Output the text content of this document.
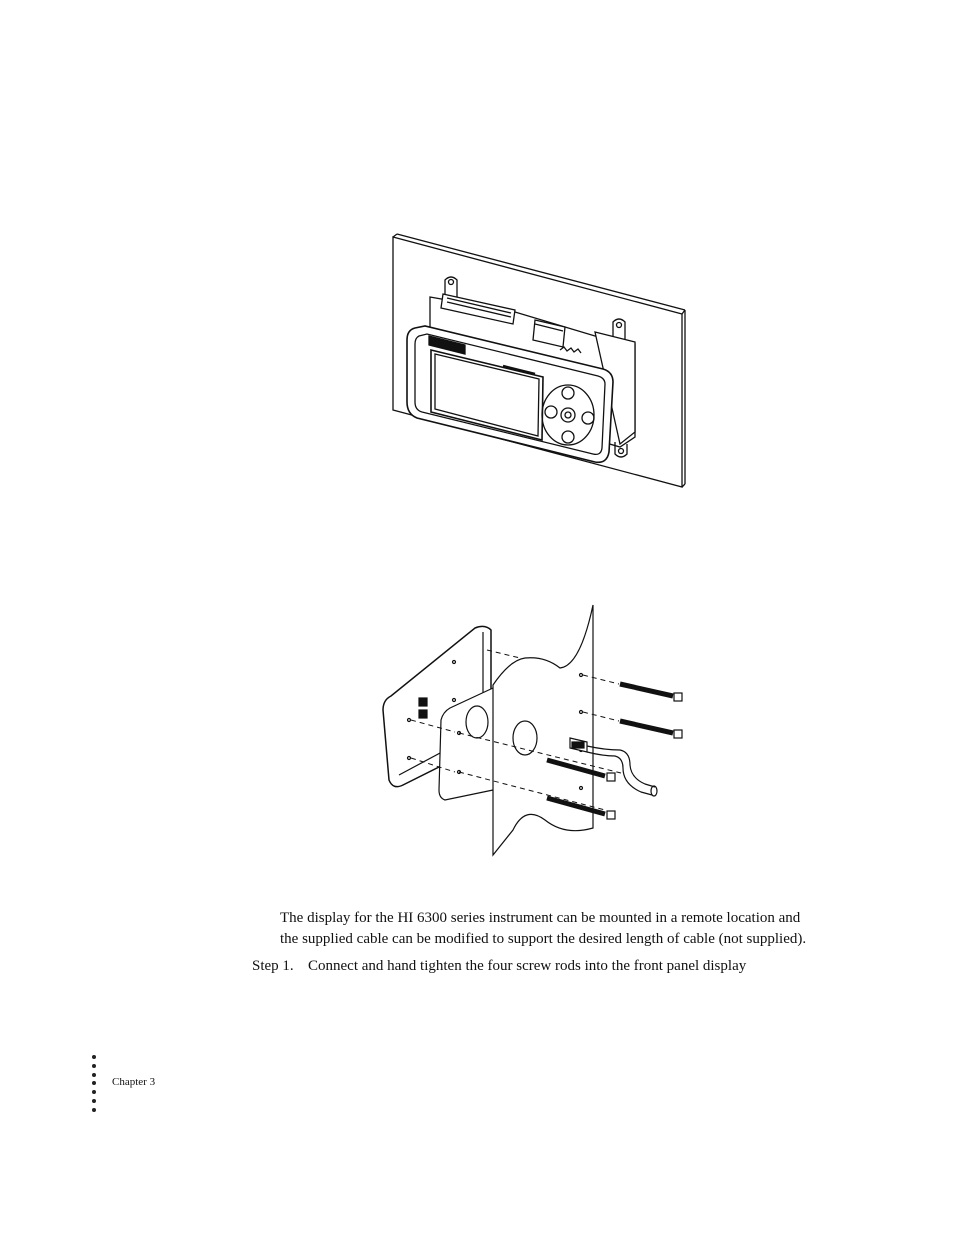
The display for the HI 6300 series instrument can be mounted in a remote location and
the supplied cable can be modified to support the desired length of cable (not supplied).

Step 1. Connect and hand tighten the four screw rods into the front panel display
Chapter 3
